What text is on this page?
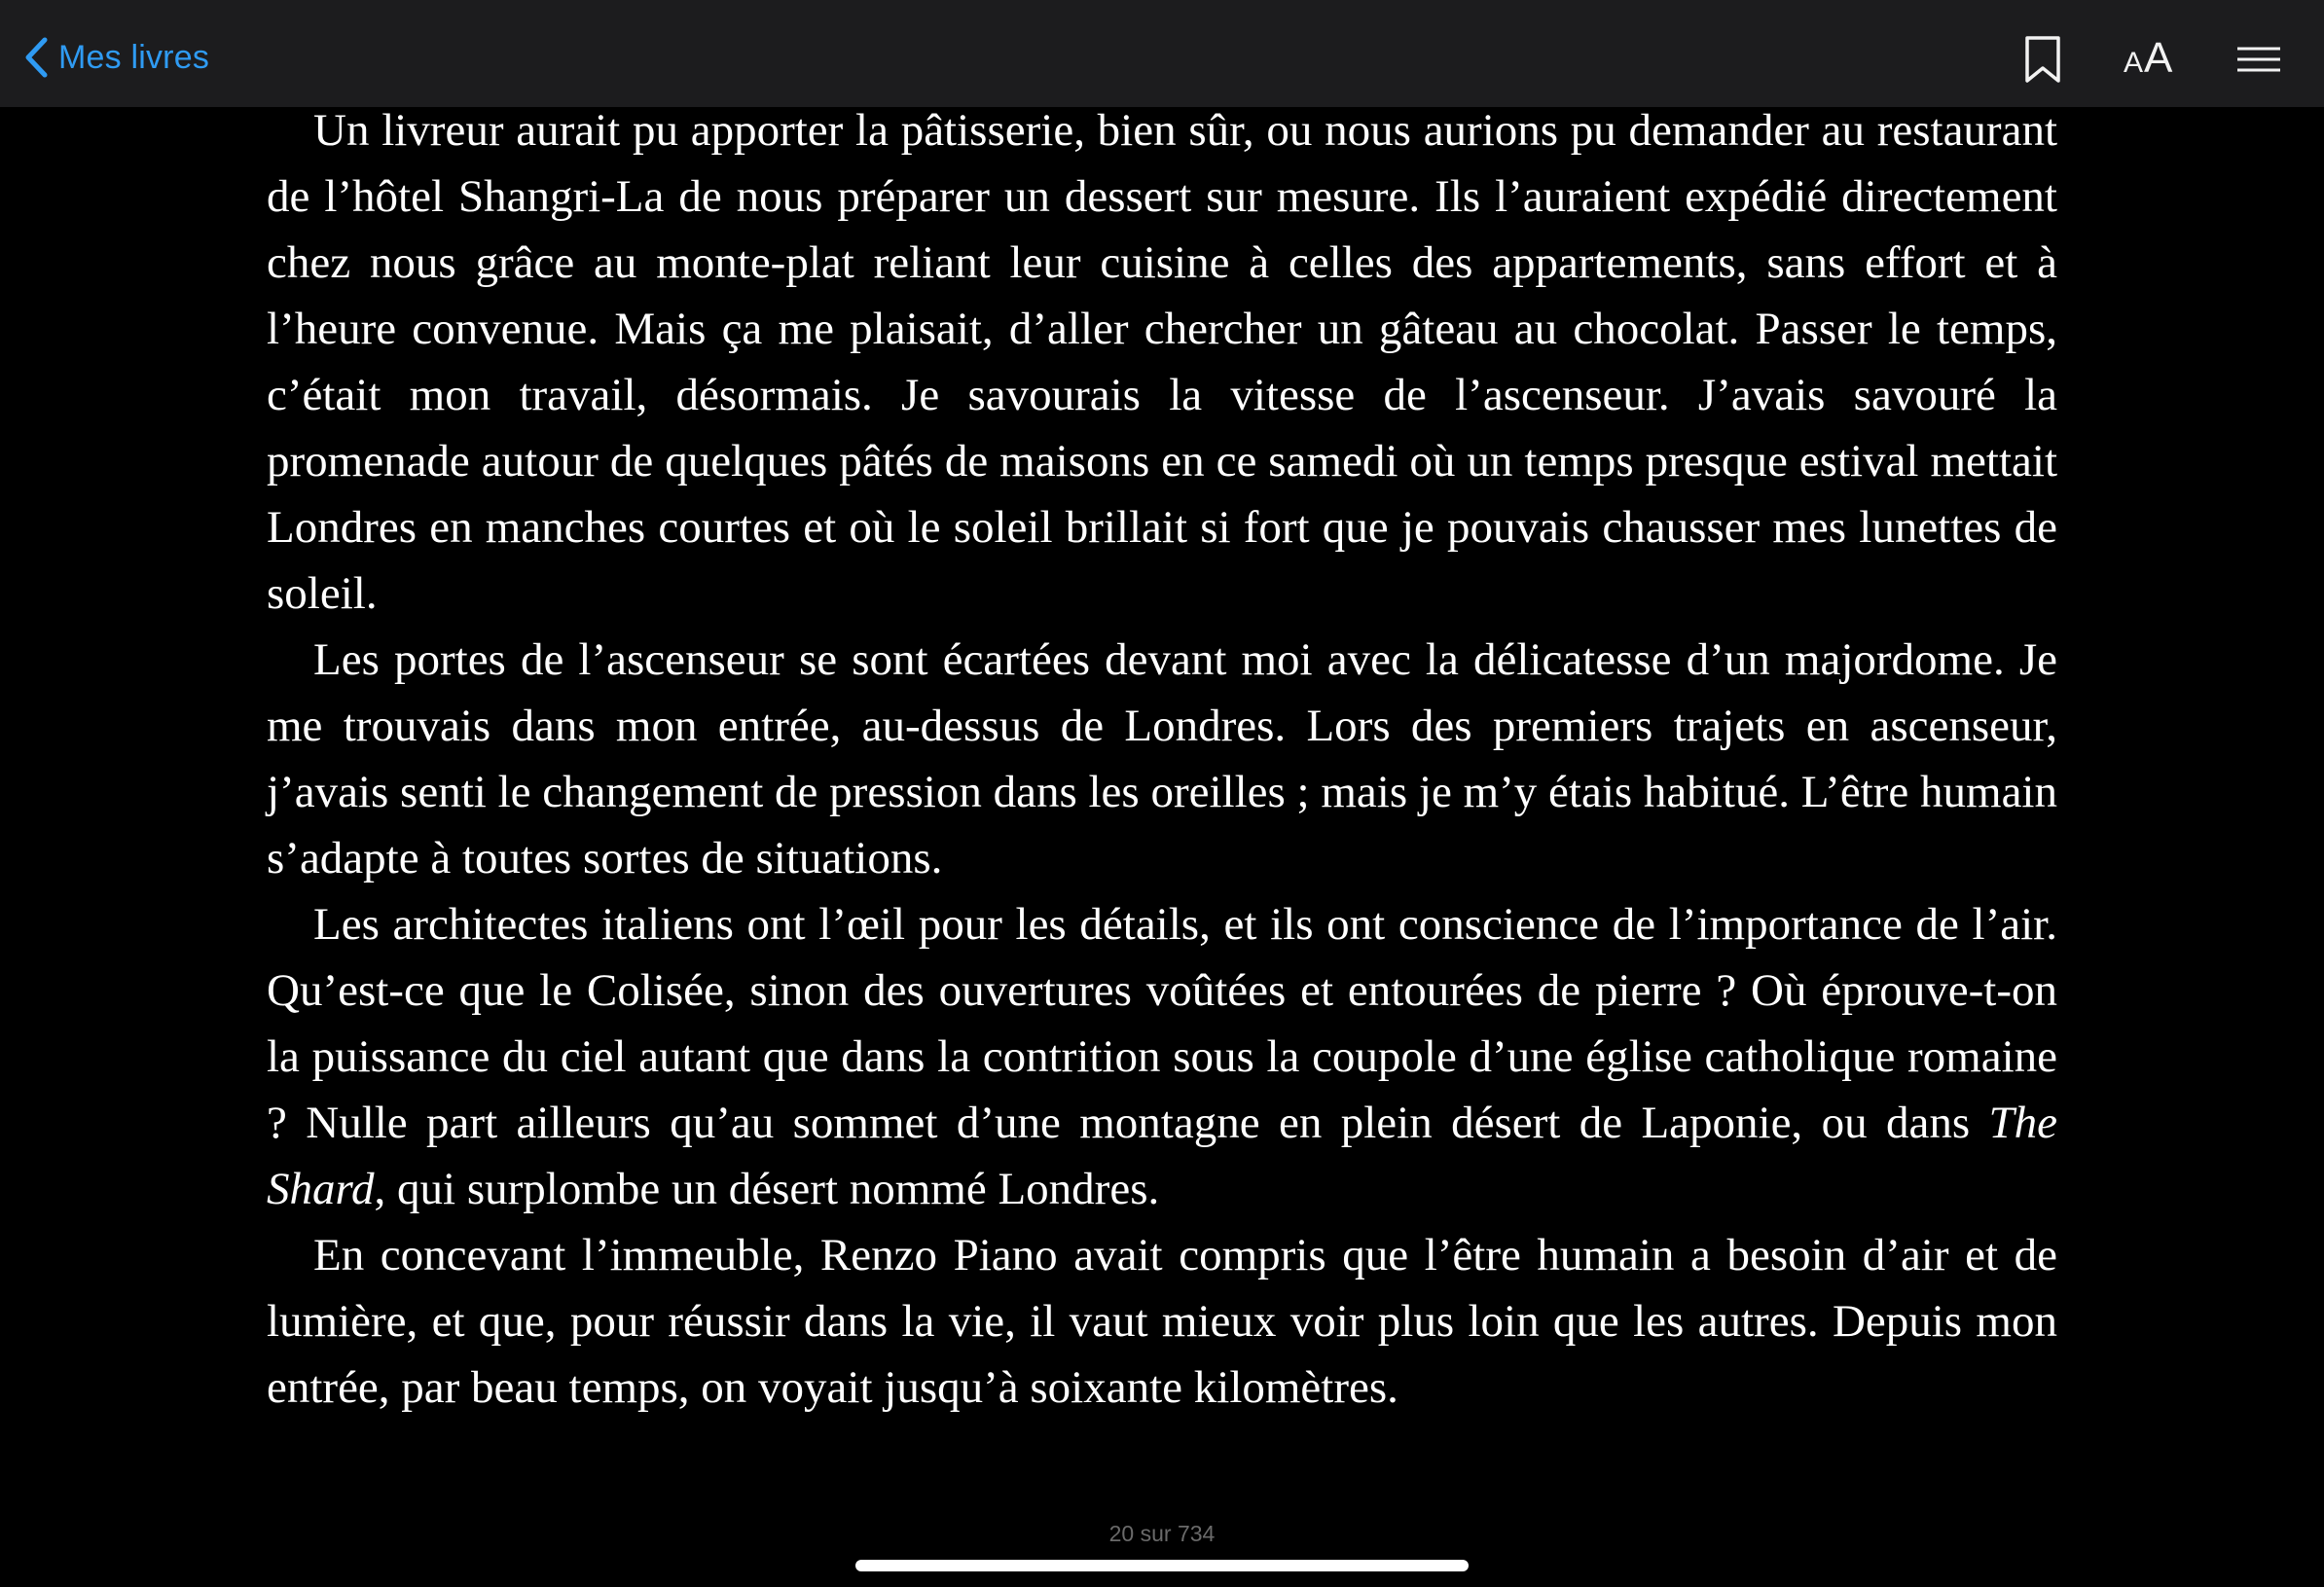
Mes livres	A A

Un livreur aurait pu apporter la pâtisserie, bien sûr, ou nous aurions pu demander au restaurant de l’hôtel Shangri-La de nous préparer un dessert sur mesure. Ils l’auraient expédié directement chez nous grâce au monte-plat reliant leur cuisine à celles des appartements, sans effort et à l’heure convenue. Mais ça me plaisait, d’aller chercher un gâteau au chocolat. Passer le temps, c’était mon travail, désormais. Je savourais la vitesse de l’ascenseur. J’avais savouré la promenade autour de quelques pâtés de maisons en ce samedi où un temps presque estival mettait Londres en manches courtes et où le soleil brillait si fort que je pouvais chausser mes lunettes de soleil.

Les portes de l’ascenseur se sont écartées devant moi avec la délicatesse d’un majordome. Je me trouvais dans mon entrée, au-dessus de Londres. Lors des premiers trajets en ascenseur, j’avais senti le changement de pression dans les oreilles ; mais je m’y étais habitué. L’être humain s’adapte à toutes sortes de situations.

Les architectes italiens ont l’œil pour les détails, et ils ont conscience de l’importance de l’air. Qu’est-ce que le Colisée, sinon des ouvertures voûtées et entourées de pierre ? Où éprouve-t-on la puissance du ciel autant que dans la contrition sous la coupole d’une église catholique romaine ? Nulle part ailleurs qu’au sommet d’une montagne en plein désert de Laponie, ou dans The Shard, qui surplombe un désert nommé Londres.

En concevant l’immeuble, Renzo Piano avait compris que l’être humain a besoin d’air et de lumière, et que, pour réussir dans la vie, il vaut mieux voir plus loin que les autres. Depuis mon entrée, par beau temps, on voyait jusqu’à soixante kilomètres.

20 sur 734
